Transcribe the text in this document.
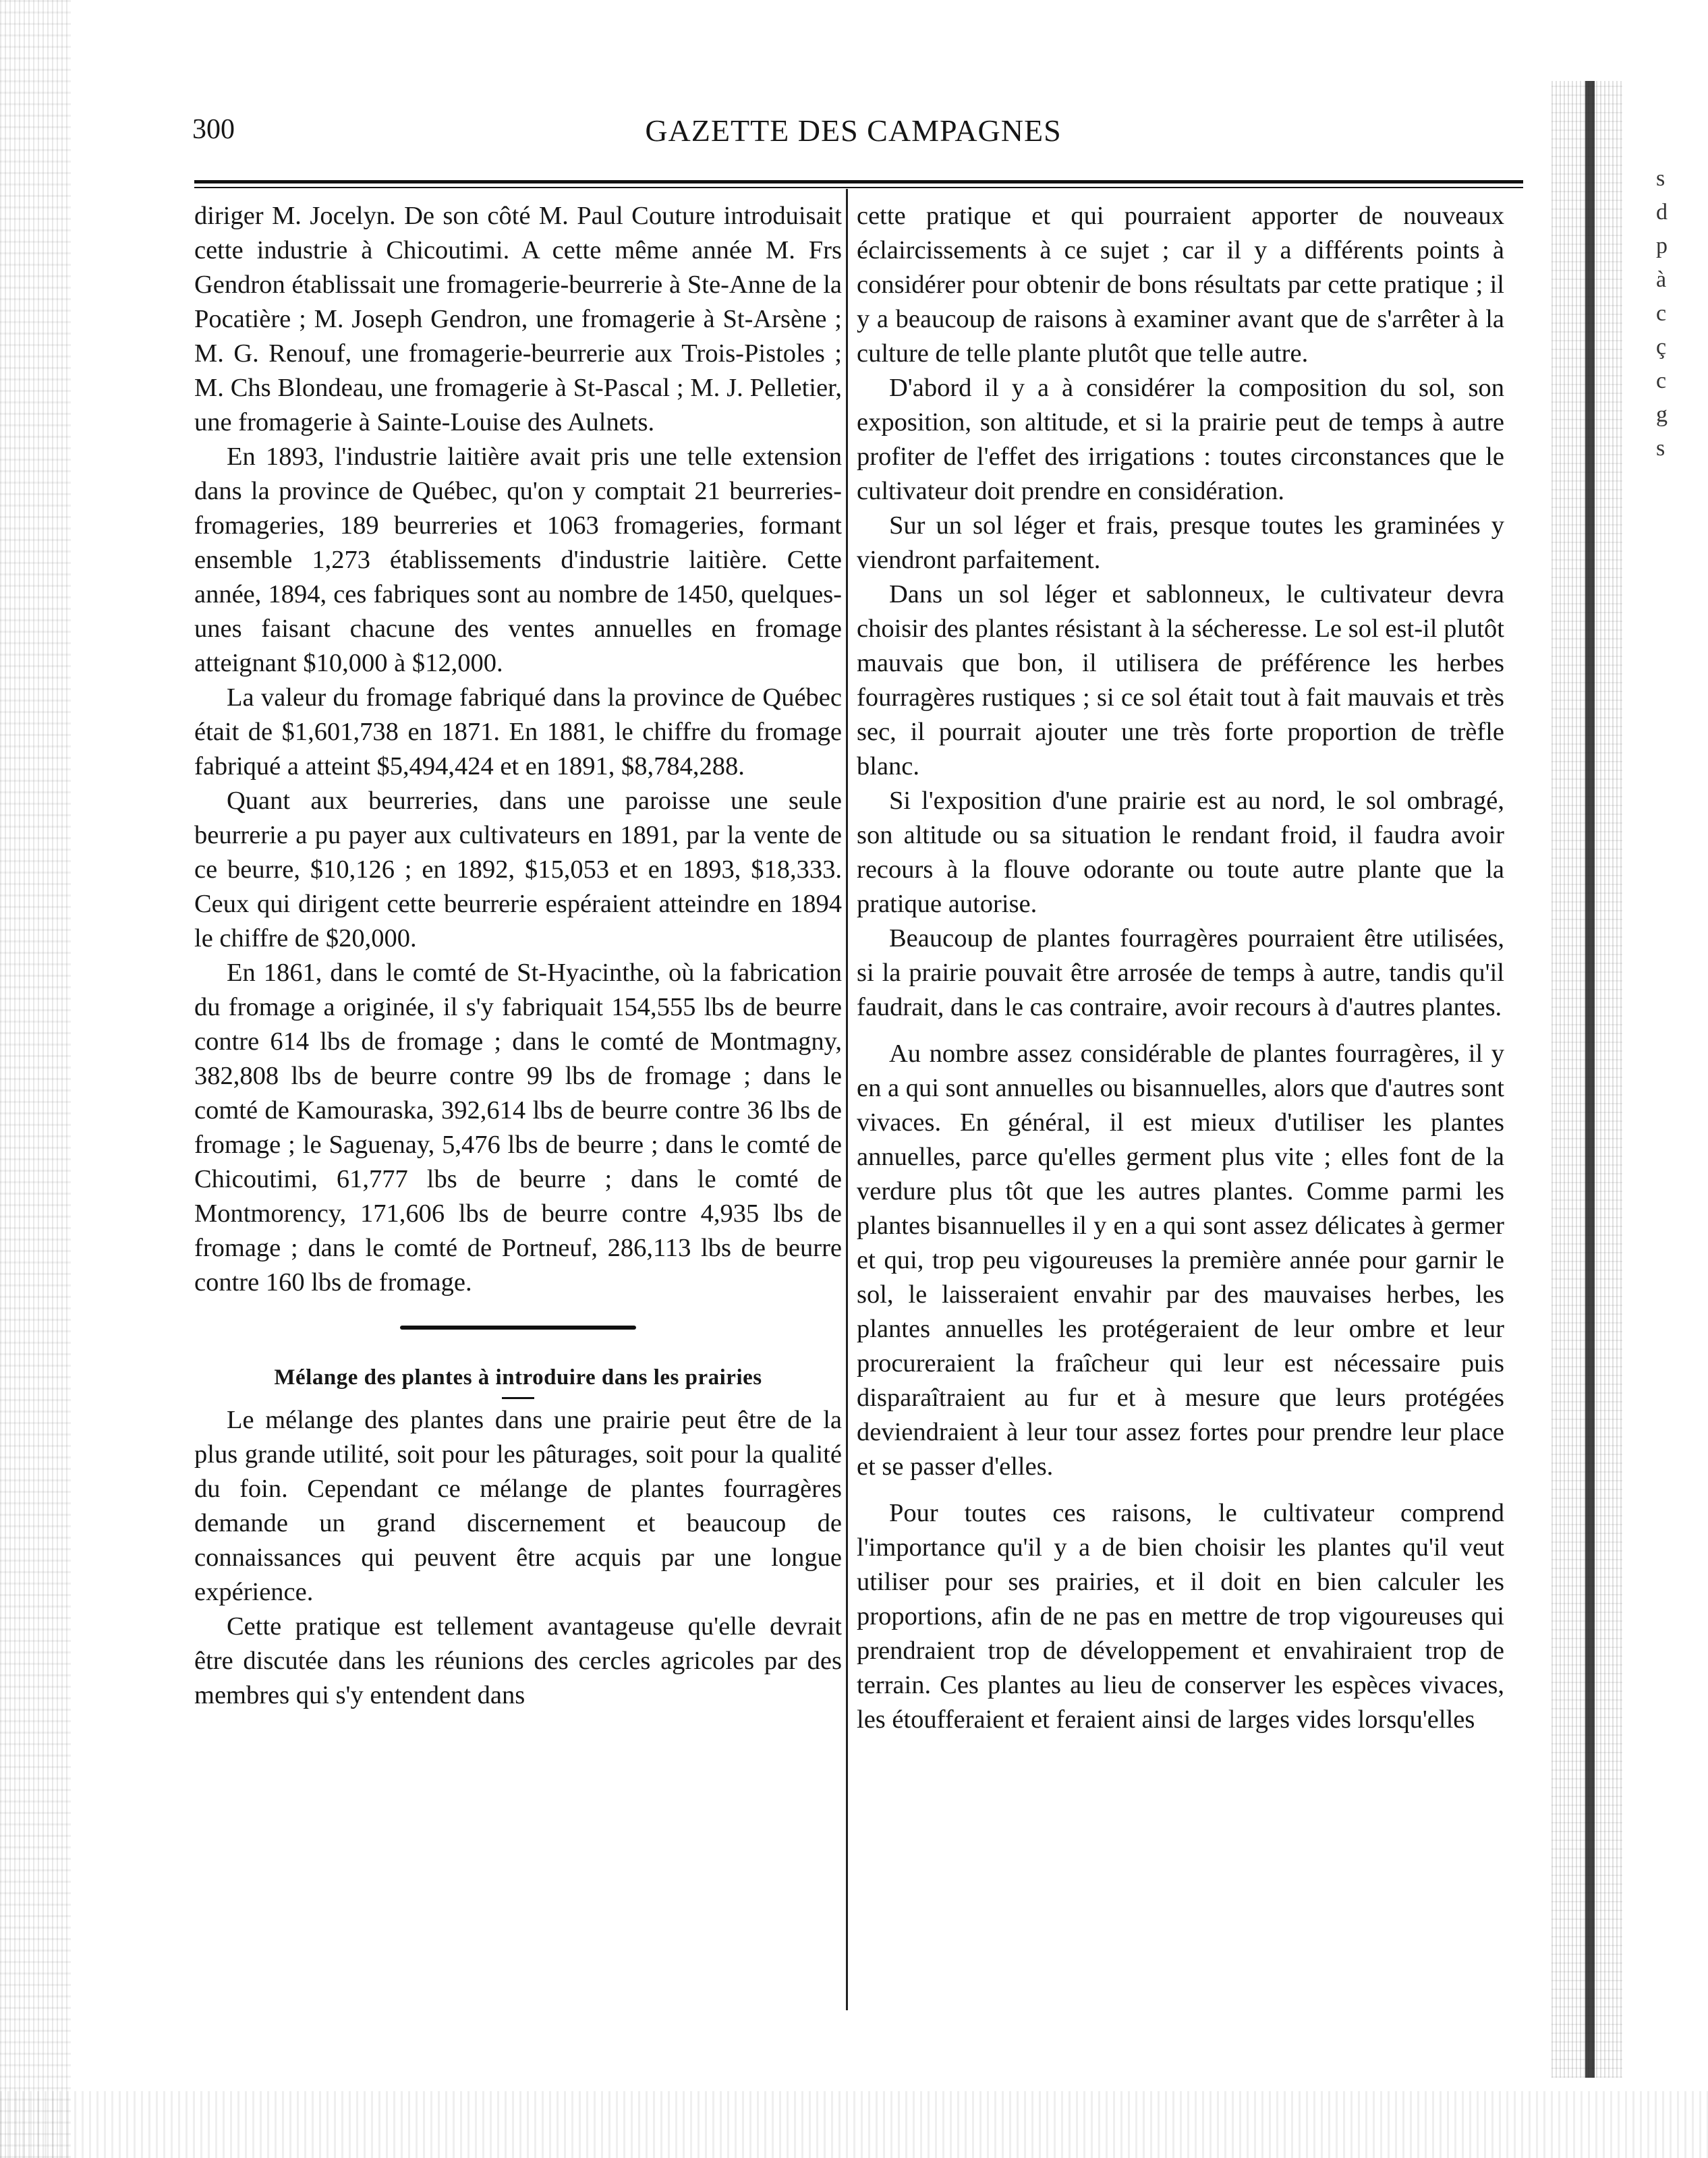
s
d
p
à
c
ç
c
g
s

300	GAZETTE DES CAMPAGNES

diriger M. Jocelyn. De son côté M. Paul Couture introduisait cette industrie à Chicoutimi. A cette même année M. Frs Gendron établissait une fromagerie-beurrerie à Ste-Anne de la Pocatière ; M. Joseph Gendron, une fromagerie à St-Arsène ; M. G. Renouf, une fromagerie-beurrerie aux Trois-Pistoles ; M. Chs Blondeau, une fromagerie à St-Pascal ; M. J. Pelletier, une fromagerie à Sainte-Louise des Aulnets.

En 1893, l'industrie laitière avait pris une telle extension dans la province de Québec, qu'on y comptait 21 beurreries-fromageries, 189 beurreries et 1063 fromageries, formant ensemble 1,273 établissements d'industrie laitière. Cette année, 1894, ces fabriques sont au nombre de 1450, quelques-unes faisant chacune des ventes annuelles en fromage atteignant $10,000 à $12,000.

La valeur du fromage fabriqué dans la province de Québec était de $1,601,738 en 1871. En 1881, le chiffre du fromage fabriqué a atteint $5,494,424 et en 1891, $8,784,288.

Quant aux beurreries, dans une paroisse une seule beurrerie a pu payer aux cultivateurs en 1891, par la vente de ce beurre, $10,126 ; en 1892, $15,053 et en 1893, $18,333. Ceux qui dirigent cette beurrerie espéraient atteindre en 1894 le chiffre de $20,000.

En 1861, dans le comté de St-Hyacinthe, où la fabrication du fromage a originée, il s'y fabriquait 154,555 lbs de beurre contre 614 lbs de fromage ; dans le comté de Montmagny, 382,808 lbs de beurre contre 99 lbs de fromage ; dans le comté de Kamouraska, 392,614 lbs de beurre contre 36 lbs de fromage ; le Saguenay, 5,476 lbs de beurre ; dans le comté de Chicoutimi, 61,777 lbs de beurre ; dans le comté de Montmorency, 171,606 lbs de beurre contre 4,935 lbs de fromage ; dans le comté de Portneuf, 286,113 lbs de beurre contre 160 lbs de fromage.

Mélange des plantes à introduire dans les prairies

Le mélange des plantes dans une prairie peut être de la plus grande utilité, soit pour les pâturages, soit pour la qualité du foin. Cependant ce mélange de plantes fourragères demande un grand discernement et beaucoup de connaissances qui peuvent être acquis par une longue expérience.

Cette pratique est tellement avantageuse qu'elle devrait être discutée dans les réunions des cercles agricoles par des membres qui s'y entendent dans

cette pratique et qui pourraient apporter de nouveaux éclaircissements à ce sujet ; car il y a différents points à considérer pour obtenir de bons résultats par cette pratique ; il y a beaucoup de raisons à examiner avant que de s'arrêter à la culture de telle plante plutôt que telle autre.

D'abord il y a à considérer la composition du sol, son exposition, son altitude, et si la prairie peut de temps à autre profiter de l'effet des irrigations : toutes circonstances que le cultivateur doit prendre en considération.

Sur un sol léger et frais, presque toutes les graminées y viendront parfaitement.

Dans un sol léger et sablonneux, le cultivateur devra choisir des plantes résistant à la sécheresse. Le sol est-il plutôt mauvais que bon, il utilisera de préférence les herbes fourragères rustiques ; si ce sol était tout à fait mauvais et très sec, il pourrait ajouter une très forte proportion de trèfle blanc.

Si l'exposition d'une prairie est au nord, le sol ombragé, son altitude ou sa situation le rendant froid, il faudra avoir recours à la flouve odorante ou toute autre plante que la pratique autorise.

Beaucoup de plantes fourragères pourraient être utilisées, si la prairie pouvait être arrosée de temps à autre, tandis qu'il faudrait, dans le cas contraire, avoir recours à d'autres plantes.

Au nombre assez considérable de plantes fourragères, il y en a qui sont annuelles ou bisannuelles, alors que d'autres sont vivaces. En général, il est mieux d'utiliser les plantes annuelles, parce qu'elles germent plus vite ; elles font de la verdure plus tôt que les autres plantes. Comme parmi les plantes bisannuelles il y en a qui sont assez délicates à germer et qui, trop peu vigoureuses la première année pour garnir le sol, le laisseraient envahir par des mauvaises herbes, les plantes annuelles les protégeraient de leur ombre et leur procureraient la fraîcheur qui leur est nécessaire puis disparaîtraient au fur et à mesure que leurs protégées deviendraient à leur tour assez fortes pour prendre leur place et se passer d'elles.

Pour toutes ces raisons, le cultivateur comprend l'importance qu'il y a de bien choisir les plantes qu'il veut utiliser pour ses prairies, et il doit en bien calculer les proportions, afin de ne pas en mettre de trop vigoureuses qui prendraient trop de développement et envahiraient trop de terrain. Ces plantes au lieu de conserver les espèces vivaces, les étoufferaient et feraient ainsi de larges vides lorsqu'elles
